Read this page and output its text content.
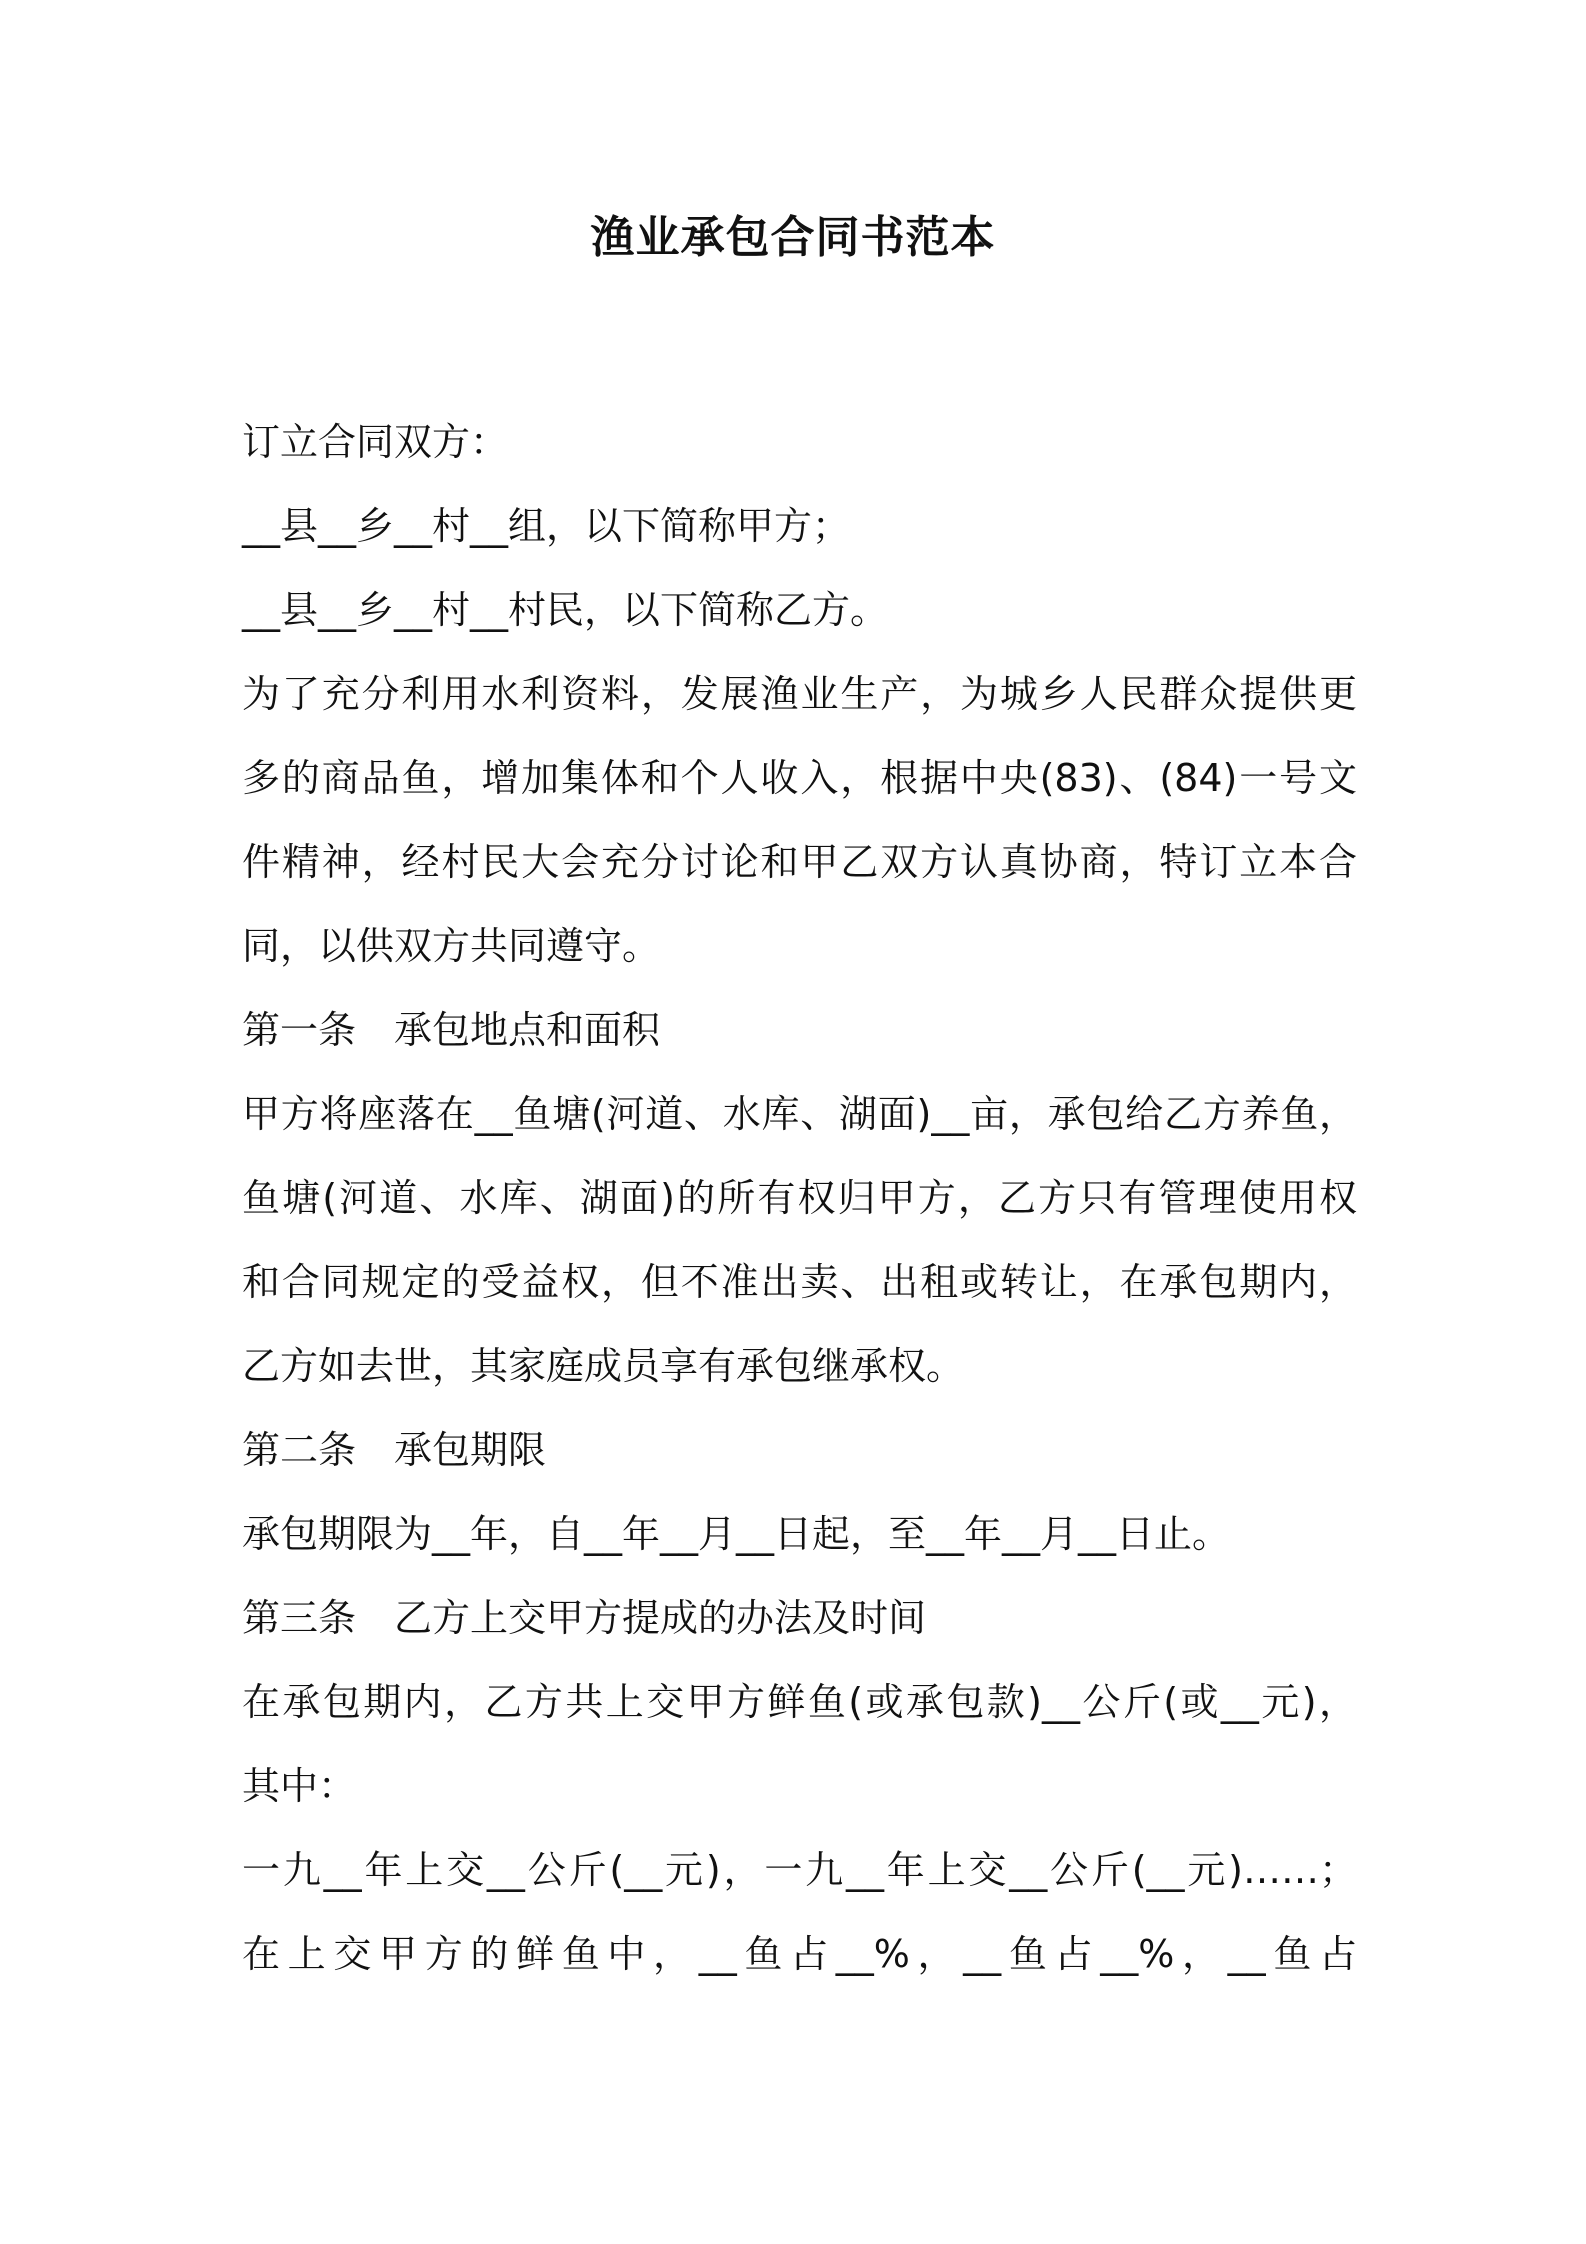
渔业承包合同书范本
订立合同双方：
__县__乡__村__组，以下简称甲方；
__县__乡__村__村民，以下简称乙方。
为了充分利用水利资料，发展渔业生产，为城乡人民群众提供更
多的商品鱼，增加集体和个人收入，根据中央(83)、(84)一号文
件精神，经村民大会充分讨论和甲乙双方认真协商，特订立本合
同，以供双方共同遵守。
第一条　承包地点和面积
甲方将座落在__鱼塘(河道、水库、湖面)__亩，承包给乙方养鱼，
鱼塘(河道、水库、湖面)的所有权归甲方，乙方只有管理使用权
和合同规定的受益权，但不准出卖、出租或转让，在承包期内，
乙方如去世，其家庭成员享有承包继承权。
第二条　承包期限
承包期限为__年，自__年__月__日起，至__年__月__日止。
第三条　乙方上交甲方提成的办法及时间
在承包期内，乙方共上交甲方鲜鱼(或承包款)__公斤(或__元)，
其中：
一九__年上交__公斤(__元)，一九__年上交__公斤(__元)……；
在上交甲方的鲜鱼中，__鱼占__%，__鱼占__%，__鱼占
